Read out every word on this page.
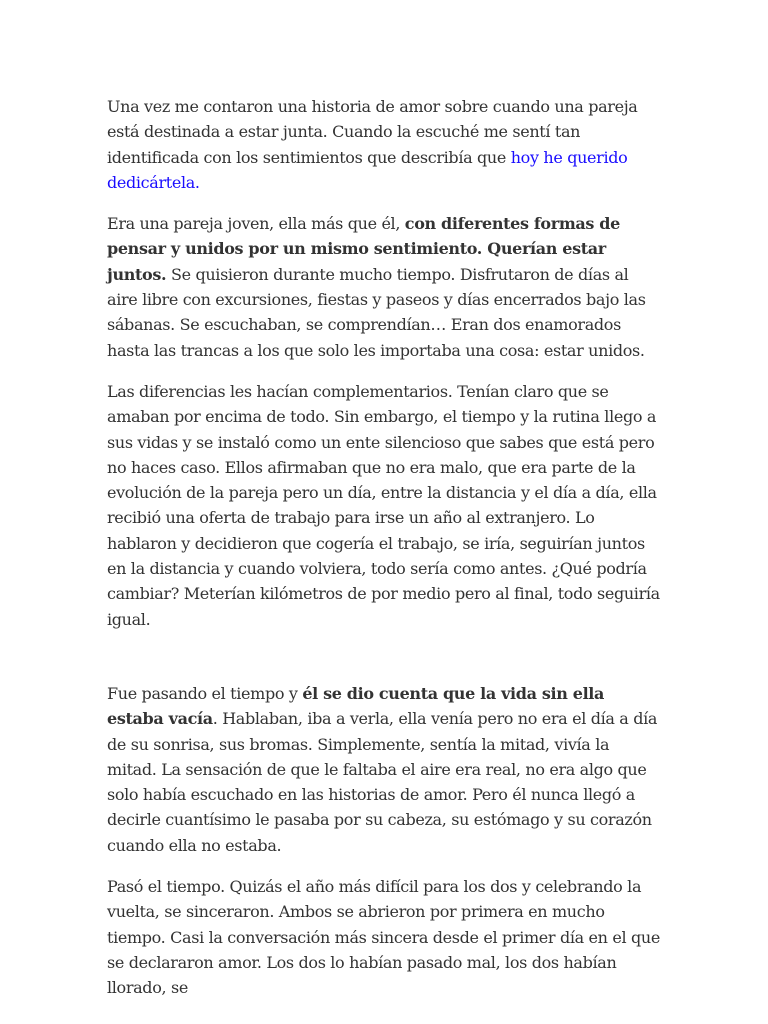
Una vez me contaron una historia de amor sobre cuando una pareja está destinada a estar junta. Cuando la escuché me sentí tan identificada con los sentimientos que describía que hoy he querido dedicártela.

Era una pareja joven, ella más que él, con diferentes formas de pensar y unidos por un mismo sentimiento. Querían estar juntos. Se quisieron durante mucho tiempo. Disfrutaron de días al aire libre con excursiones, fiestas y paseos y días encerrados bajo las sábanas. Se escuchaban, se comprendían… Eran dos enamorados hasta las trancas a los que solo les importaba una cosa: estar unidos.

Las diferencias les hacían complementarios. Tenían claro que se amaban por encima de todo. Sin embargo, el tiempo y la rutina llego a sus vidas y se instaló como un ente silencioso que sabes que está pero no haces caso. Ellos afirmaban que no era malo, que era parte de la evolución de la pareja pero un día, entre la distancia y el día a día, ella recibió una oferta de trabajo para irse un año al extranjero. Lo hablaron y decidieron que cogería el trabajo, se iría, seguirían juntos en la distancia y cuando volviera, todo sería como antes. ¿Qué podría cambiar? Meterían kilómetros de por medio pero al final, todo seguiría igual.

Fue pasando el tiempo y él se dio cuenta que la vida sin ella estaba vacía. Hablaban, iba a verla, ella venía pero no era el día a día de su sonrisa, sus bromas. Simplemente, sentía la mitad, vivía la mitad. La sensación de que le faltaba el aire era real, no era algo que solo había escuchado en las historias de amor. Pero él nunca llegó a decirle cuantísimo le pasaba por su cabeza, su estómago y su corazón cuando ella no estaba.

Pasó el tiempo. Quizás el año más difícil para los dos y celebrando la vuelta, se sinceraron. Ambos se abrieron por primera en mucho tiempo. Casi la conversación más sincera desde el primer día en el que se declararon amor. Los dos lo habían pasado mal, los dos habían llorado, se
